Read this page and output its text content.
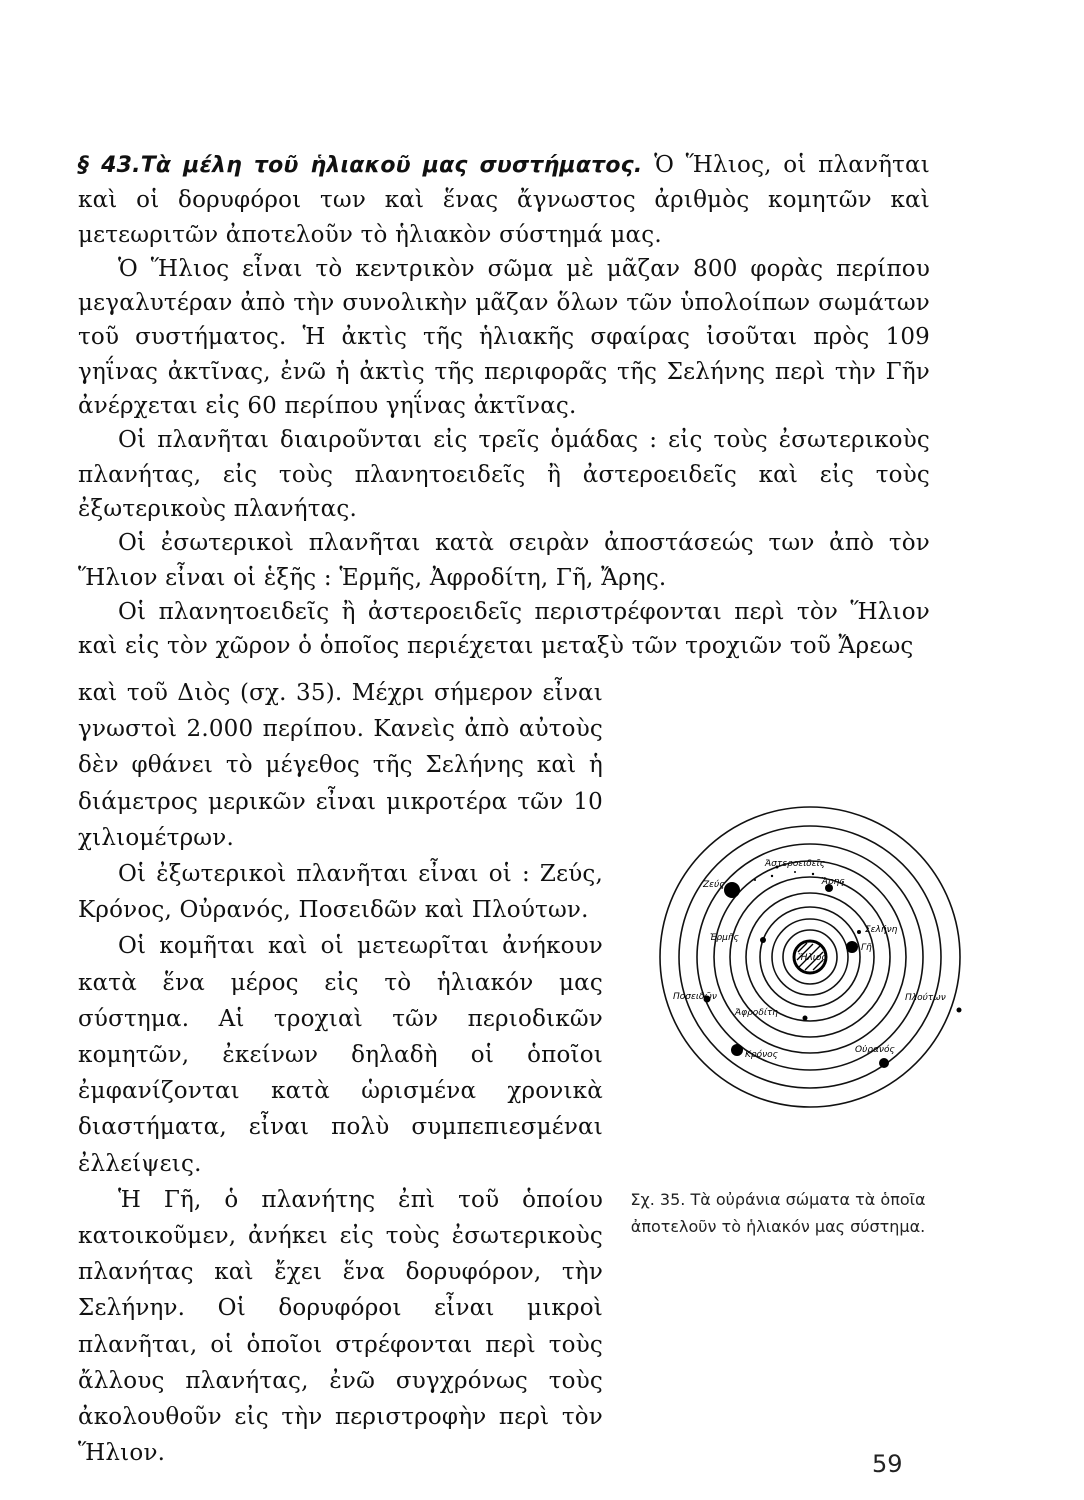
§ 43.Τὰ μέλη τοῦ ἡλιακοῦ μας συστήματος. Ὁ Ἥλιος, οἱ πλανῆται καὶ οἱ δορυφόροι των καὶ ἕνας ἄγνωστος ἀριθμὸς κομητῶν καὶ μετεωριτῶν ἀποτελοῦν τὸ ἡλιακὸν σύστημά μας.

Ὁ Ἥλιος εἶναι τὸ κεντρικὸν σῶμα μὲ μᾶζαν 800 φορὰς περίπου μεγαλυτέραν ἀπὸ τὴν συνολικὴν μᾶζαν ὅλων τῶν ὑπολοίπων σωμάτων τοῦ συστήματος. Ἡ ἀκτὶς τῆς ἡλιακῆς σφαίρας ἰσοῦται πρὸς 109 γηΐνας ἀκτῖνας, ἐνῶ ἡ ἀκτὶς τῆς περιφορᾶς τῆς Σελήνης περὶ τὴν Γῆν ἀνέρχεται εἰς 60 περίπου γηΐνας ἀκτῖνας.

Οἱ πλανῆται διαιροῦνται εἰς τρεῖς ὁμάδας : εἰς τοὺς ἐσωτερικοὺς πλανήτας, εἰς τοὺς πλανητοειδεῖς ἢ ἀστεροειδεῖς καὶ εἰς τοὺς ἐξωτερικοὺς πλανήτας.

Οἱ ἐσωτερικοὶ πλανῆται κατὰ σειρὰν ἀποστάσεώς των ἀπὸ τὸν Ἥλιον εἶναι οἱ ἑξῆς : Ἑρμῆς, Ἀφροδίτη, Γῆ, Ἄρης.

Οἱ πλανητοειδεῖς ἢ ἀστεροειδεῖς περιστρέφονται περὶ τὸν Ἥλιον καὶ εἰς τὸν χῶρον ὁ ὁποῖος περιέχεται μεταξὺ τῶν τροχιῶν τοῦ Ἄρεως

καὶ τοῦ Διὸς (σχ. 35). Μέχρι σήμερον εἶναι γνωστοὶ 2.000 περίπου. Κανεὶς ἀπὸ αὐτοὺς δὲν φθάνει τὸ μέγεθος τῆς Σελήνης καὶ ἡ διάμετρος μερικῶν εἶναι μικροτέρα τῶν 10 χιλιομέτρων.

Οἱ ἐξωτερικοὶ πλανῆται εἶναι οἱ : Ζεύς, Κρόνος, Οὐρανός, Ποσειδῶν καὶ Πλούτων.

Οἱ κομῆται καὶ οἱ μετεωρῖται ἀνήκουν κατὰ ἕνα μέρος εἰς τὸ ἡλιακόν μας σύστημα. Αἱ τροχιαὶ τῶν περιοδικῶν κομητῶν, ἐκείνων δηλαδὴ οἱ ὁποῖοι ἐμφανίζονται κατὰ ὡρισμένα χρονικὰ διαστήματα, εἶναι πολὺ συμπεπιεσμέναι ἐλλείψεις.

Ἡ Γῆ, ὁ πλανήτης ἐπὶ τοῦ ὁποίου κατοικοῦμεν, ἀνήκει εἰς τοὺς ἐσωτερικοὺς πλανήτας καὶ ἔχει ἕνα δορυφόρον, τὴν Σελήνην. Οἱ δορυφόροι εἶναι μικροὶ πλανῆται, οἱ ὁποῖοι στρέφονται περὶ τοὺς ἄλλους πλανήτας, ἐνῶ συγχρόνως τοὺς ἀκολουθοῦν εἰς τὴν περιστροφὴν περὶ τὸν Ἥλιον.

Ἥλιος
Ἀστεροειδεῖς
Ζεύς	Ἄρης
Ἑρμῆς
Σελήνη
Γῆ
Ποσειδῶν
Ἀφροδίτη
Πλούτων
Κρόνος	Οὐρανός
Σχ. 35. Τὰ οὐράνια σώματα τὰ ὁποῖα ἀποτελοῦν τὸ ἡλιακόν μας σύστημα.
59
